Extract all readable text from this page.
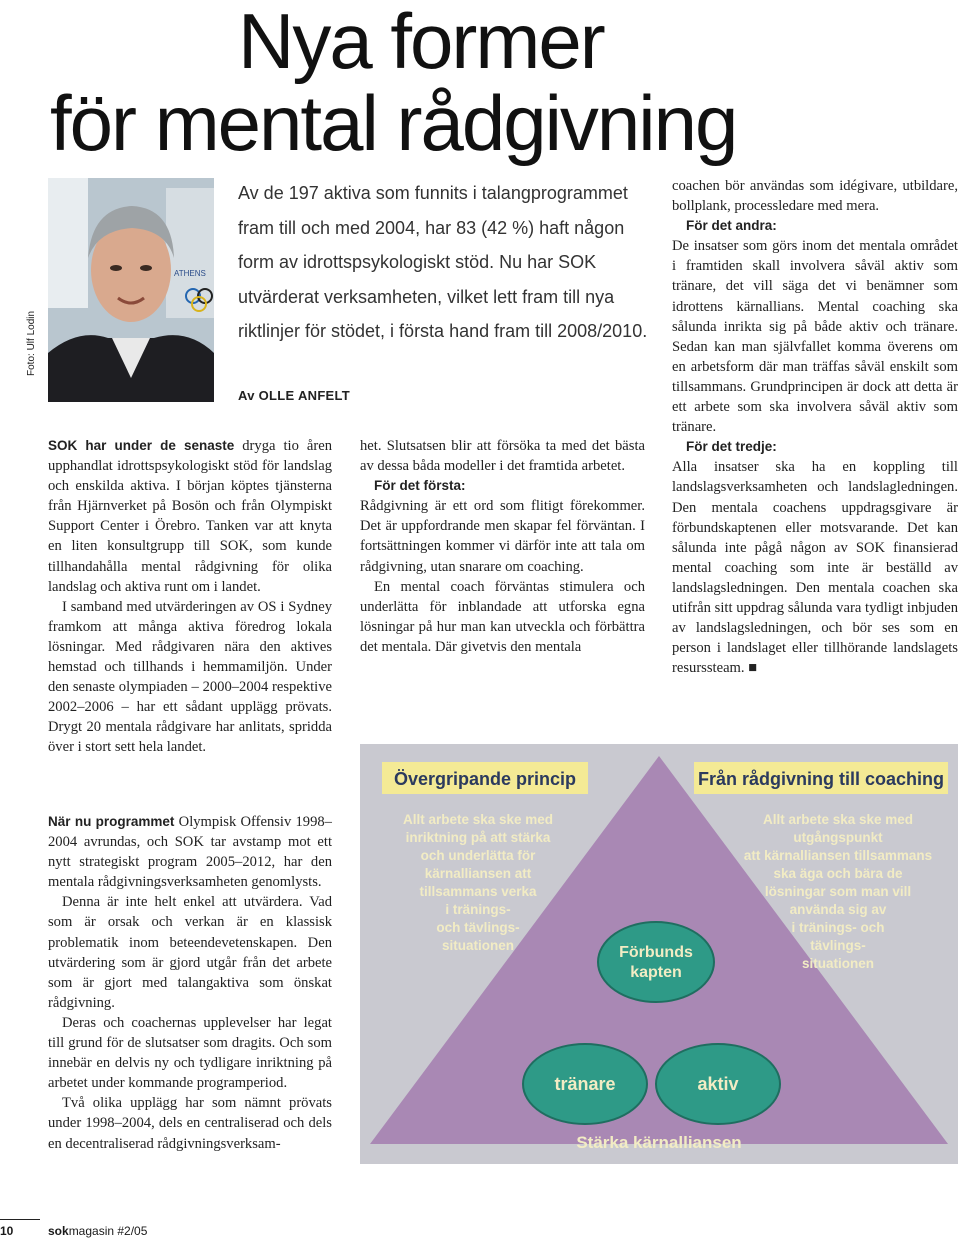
Nya former
för mental rådgivning
Foto: Ulf Lodin
ATHENS
Av de 197 aktiva som funnits i talangprogrammet fram till och med 2004, har 83 (42 %) haft någon form av idrottspsykologiskt stöd. Nu har SOK utvärderat verksamheten, vilket lett fram till nya riktlinjer för stödet, i första hand fram till 2008/2010.
Av OLLE ANFELT

SOK har under de senaste dryga tio åren upphandlat idrottspsykologiskt stöd för landslag och enskilda aktiva. I början köptes tjänsterna från Hjärnverket på Bosön och från Olympiskt Support Center i Örebro. Tanken var att knyta en liten konsultgrupp till SOK, som kunde tillhandahålla mental rådgivning för olika landslag och aktiva runt om i landet.

I samband med utvärderingen av OS i Sydney framkom att många aktiva föredrog lokala lösningar. Med rådgivaren nära den aktives hemstad och tillhands i hemmamiljön. Under den senaste olympiaden – 2000–2004 respektive 2002–2006 – har ett sådant upplägg prövats. Drygt 20 mentala rådgivare har anlitats, spridda över i stort sett hela landet.

När nu programmet Olympisk Offensiv 1998–2004 avrundas, och SOK tar avstamp mot ett nytt strategiskt program 2005–2012, har den mentala rådgivningsverksamheten genomlysts.

Denna är inte helt enkel att utvärdera. Vad som är orsak och verkan är en klassisk problematik inom beteendevetenskapen. Den utvärdering som är gjord utgår från det arbete som är gjort med talangaktiva som önskat rådgivning.

Deras och coachernas upplevelser har legat till grund för de slutsatser som dragits. Och som innebär en delvis ny och tydligare inriktning på arbetet under kommande programperiod.

Två olika upplägg har som nämnt prövats under 1998–2004, dels en centraliserad och dels en decentraliserad rådgivningsverksam-

het. Slutsatsen blir att försöka ta med det bästa av dessa båda modeller i det framtida arbetet.

För det första:

Rådgivning är ett ord som flitigt förekommer. Det är uppfordrande men skapar fel förväntan. I fortsättningen kommer vi därför inte att tala om rådgivning, utan snarare om coaching.

En mental coach förväntas stimulera och underlätta för inblandade att utforska egna lösningar på hur man kan utveckla och förbättra det mentala. Där givetvis den mentala

coachen bör användas som idégivare, utbildare, bollplank, processledare med mera.

För det andra:

De insatser som görs inom det mentala området i framtiden skall involvera såväl aktiv som tränare, det vill säga det vi benämner som idrottens kärnallians. Mental coaching ska sålunda inrikta sig på både aktiv och tränare. Sedan kan man självfallet komma överens om en arbetsform där man träffas såväl enskilt som tillsammans. Grundprincipen är dock att detta är ett arbete som ska involvera såväl aktiv som tränare.

För det tredje:

Alla insatser ska ha en koppling till landslagsverksamheten och landslagledningen. Den mentala coachens uppdragsgivare är förbundskaptenen eller motsvarande. Det kan sålunda inte pågå någon av SOK finansierad mental coaching som inte är beställd av landslagsledningen. Den mentala coachen ska utifrån sitt uppdrag sålunda vara tydligt inbjuden av landslagsledningen, och bör ses som en person i landslaget eller tillhörande landslagets resurssteam. ■

Övergripande princip	Från rådgivning till coaching
Allt arbete ska ske med
inriktning på att stärka
och underlätta för
kärnalliansen att
tillsammans verka
i tränings-
och tävlings-
situationen
Allt arbete ska ske med
utgångspunkt
att kärnalliansen tillsammans
ska äga och bära de
lösningar som man vill
använda sig av
i tränings- och
tävlings-
situationen
Förbunds
kapten
tränare	aktiv
Stärka kärnalliansen
10	sokmagasin #2/05
